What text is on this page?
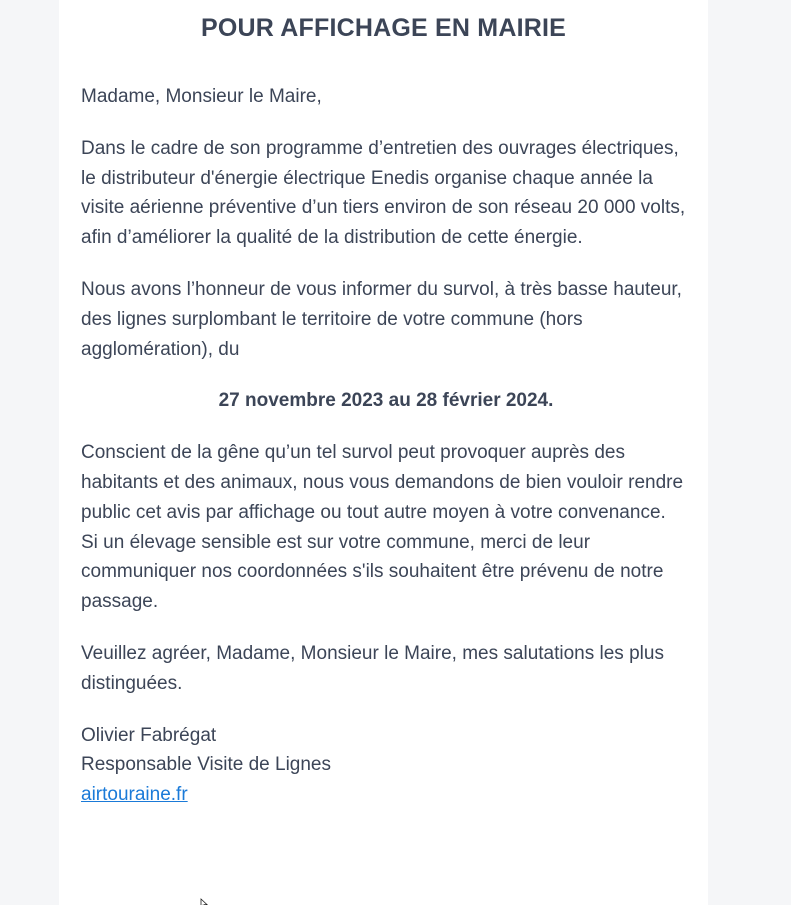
POUR AFFICHAGE EN MAIRIE

Madame, Monsieur le Maire,

Dans le cadre de son programme d’entretien des ouvrages électriques, le distributeur d'énergie électrique Enedis organise chaque année la visite aérienne préventive d’un tiers environ de son réseau 20 000 volts, afin d’améliorer la qualité de la distribution de cette énergie.

Nous avons l’honneur de vous informer du survol, à très basse hauteur, des lignes surplombant le territoire de votre commune (hors agglomération), du

27 novembre 2023 au 28 février 2024.

Conscient de la gêne qu’un tel survol peut provoquer auprès des habitants et des animaux, nous vous demandons de bien vouloir rendre public cet avis par affichage ou tout autre moyen à votre convenance.
Si un élevage sensible est sur votre commune, merci de leur communiquer nos coordonnées s'ils souhaitent être prévenu de notre passage.

Veuillez agréer, Madame, Monsieur le Maire, mes salutations les plus distinguées.

Olivier Fabrégat
Responsable Visite de Lignes
airtouraine.fr
